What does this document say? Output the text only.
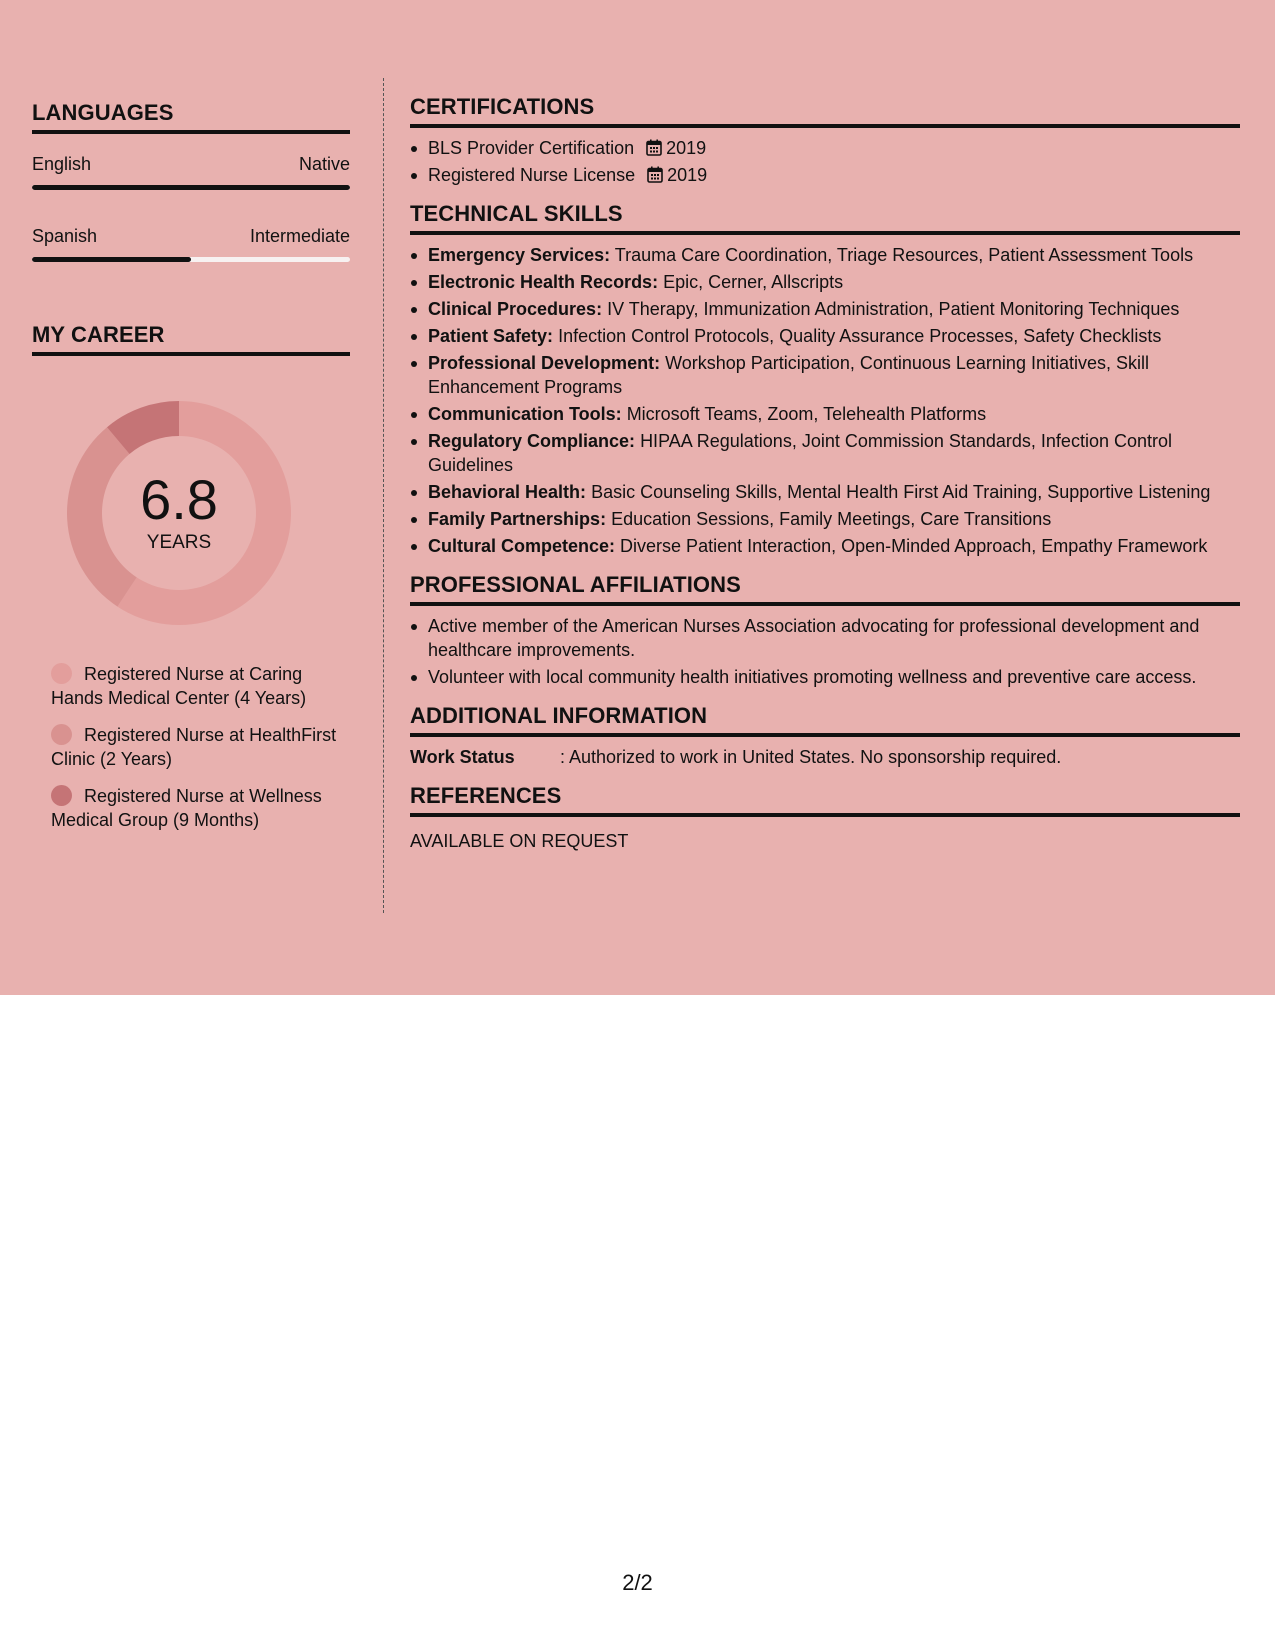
LANGUAGES
English	Native
Spanish	Intermediate
MY CAREER
6.8
YEARS
Registered Nurse at Caring Hands Medical Center (4 Years)
Registered Nurse at HealthFirst Clinic (2 Years)
Registered Nurse at Wellness Medical Group (9 Months)
CERTIFICATIONS
BLS Provider Certification 2019
Registered Nurse License 2019
TECHNICAL SKILLS
Emergency Services: Trauma Care Coordination, Triage Resources, Patient Assessment Tools
Electronic Health Records: Epic, Cerner, Allscripts
Clinical Procedures: IV Therapy, Immunization Administration, Patient Monitoring Techniques
Patient Safety: Infection Control Protocols, Quality Assurance Processes, Safety Checklists
Professional Development: Workshop Participation, Continuous Learning Initiatives, Skill Enhancement Programs
Communication Tools: Microsoft Teams, Zoom, Telehealth Platforms
Regulatory Compliance: HIPAA Regulations, Joint Commission Standards, Infection Control Guidelines
Behavioral Health: Basic Counseling Skills, Mental Health First Aid Training, Supportive Listening
Family Partnerships: Education Sessions, Family Meetings, Care Transitions
Cultural Competence: Diverse Patient Interaction, Open-Minded Approach, Empathy Framework
PROFESSIONAL AFFILIATIONS
Active member of the American Nurses Association advocating for professional development and healthcare improvements.
Volunteer with local community health initiatives promoting wellness and preventive care access.
ADDITIONAL INFORMATION
Work Status	: Authorized to work in United States. No sponsorship required.
REFERENCES
AVAILABLE ON REQUEST
2/2
